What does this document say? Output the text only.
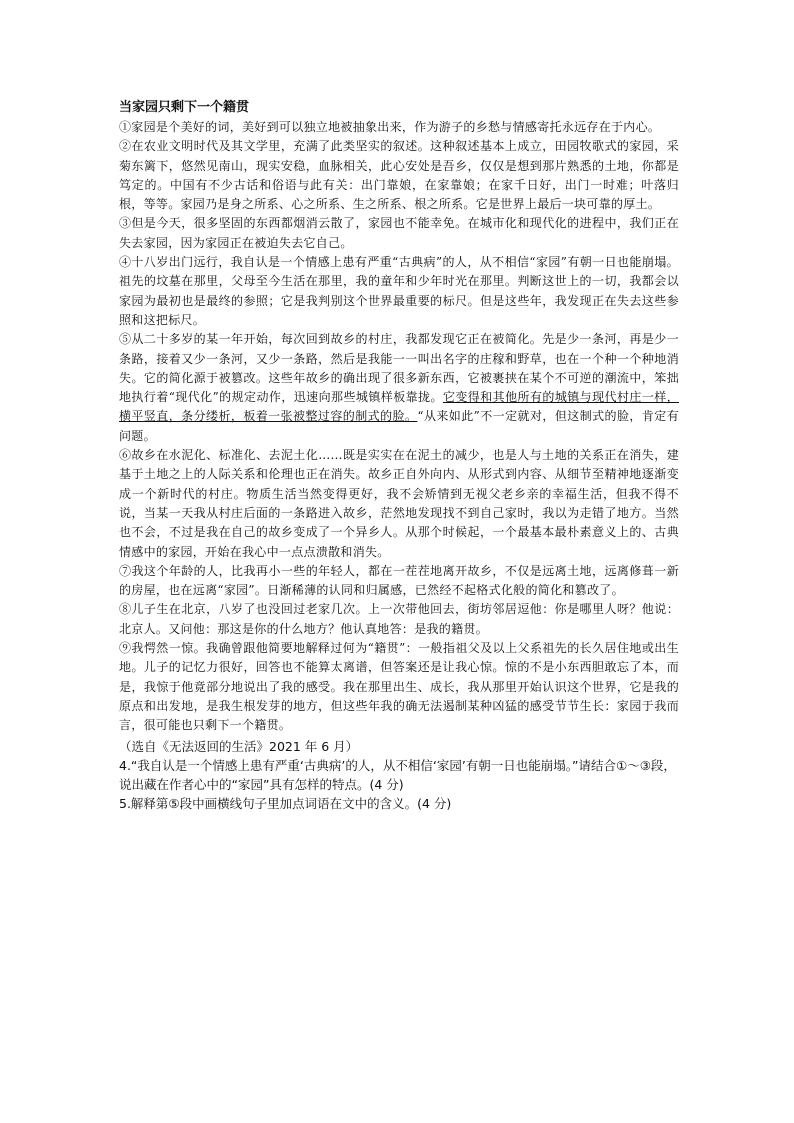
当家园只剩下一个籍贯

①家园是个美好的词，美好到可以独立地被抽象出来，作为游子的乡愁与情感寄托永远存在于内心。

②在农业文明时代及其文学里，充满了此类坚实的叙述。这种叙述基本上成立，田园牧歌式的家园，采菊东篱下，悠然见南山，现实安稳，血脉相关，此心安处是吾乡，仅仅是想到那片熟悉的土地，你都是笃定的。中国有不少古话和俗语与此有关：出门靠娘，在家靠娘；在家千日好，出门一时难；叶落归根，等等。家园乃是身之所系、心之所系、生之所系、根之所系。它是世界上最后一块可靠的厚土。

③但是今天，很多坚固的东西都烟消云散了，家园也不能幸免。在城市化和现代化的进程中，我们正在失去家园，因为家园正在被迫失去它自己。

④十八岁出门远行，我自认是一个情感上患有严重“古典病”的人，从不相信“家园”有朝一日也能崩塌。祖先的坟墓在那里，父母至今生活在那里，我的童年和少年时光在那里。判断这世上的一切，我都会以家园为最初也是最终的参照；它是我判别这个世界最重要的标尺。但是这些年，我发现正在失去这些参照和这把标尺。

⑤从二十多岁的某一年开始，每次回到故乡的村庄，我都发现它正在被简化。先是少一条河，再是少一条路，接着又少一条河，又少一条路，然后是我能一一叫出名字的庄稼和野草，也在一个种一个种地消失。它的简化源于被篡改。这些年故乡的确出现了很多新东西，它被裹挟在某个不可逆的潮流中，笨拙地执行着“现代化”的规定动作，迅速向那些城镇样板靠拢。它变得和其他所有的城镇与现代村庄一样，横平竖直，条分缕析，板着一张被整过容的制式的脸。“从来如此”不一定就对，但这制式的脸，肯定有问题。

⑥故乡在水泥化、标准化、去泥土化……既是实实在在泥土的减少，也是人与土地的关系正在消失，建基于土地之上的人际关系和伦理也正在消失。故乡正自外向内、从形式到内容、从细节至精神地逐渐变成一个新时代的村庄。物质生活当然变得更好，我不会矫情到无视父老乡亲的幸福生活，但我不得不说，当某一天我从村庄后面的一条路进入故乡，茫然地发现找不到自己家时，我以为走错了地方。当然也不会，不过是我在自己的故乡变成了一个异乡人。从那个时候起，一个最基本最朴素意义上的、古典情感中的家园，开始在我心中一点点溃散和消失。

⑦我这个年龄的人，比我再小一些的年轻人，都在一茬茬地离开故乡，不仅是远离土地，远离修葺一新的房屋，也在远离“家园”。日渐稀薄的认同和归属感，已然经不起格式化般的简化和篡改了。

⑧儿子生在北京，八岁了也没回过老家几次。上一次带他回去，街坊邻居逗他：你是哪里人呀？他说：北京人。又问他：那这是你的什么地方？他认真地答：是我的籍贯。

⑨我愕然一惊。我确曾跟他简要地解释过何为“籍贯”：一般指祖父及以上父系祖先的长久居住地或出生地。儿子的记忆力很好，回答也不能算太离谱，但答案还是让我心惊。惊的不是小东西胆敢忘了本，而是，我惊于他竟部分地说出了我的感受。我在那里出生、成长，我从那里开始认识这个世界，它是我的原点和出发地，是我生根发芽的地方，但这些年我的确无法遏制某种凶猛的感受节节生长：家园于我而言，很可能也只剩下一个籍贯。

（选自《无法返回的生活》2021 年 6 月）

4.“我自认是一个情感上患有严重‘古典病’的人，从不相信‘家园’有朝一日也能崩塌。”请结合①～③段，说出藏在作者心中的“家园”具有怎样的特点。(4 分)

5.解释第⑤段中画横线句子里加点词语在文中的含义。(4 分)
